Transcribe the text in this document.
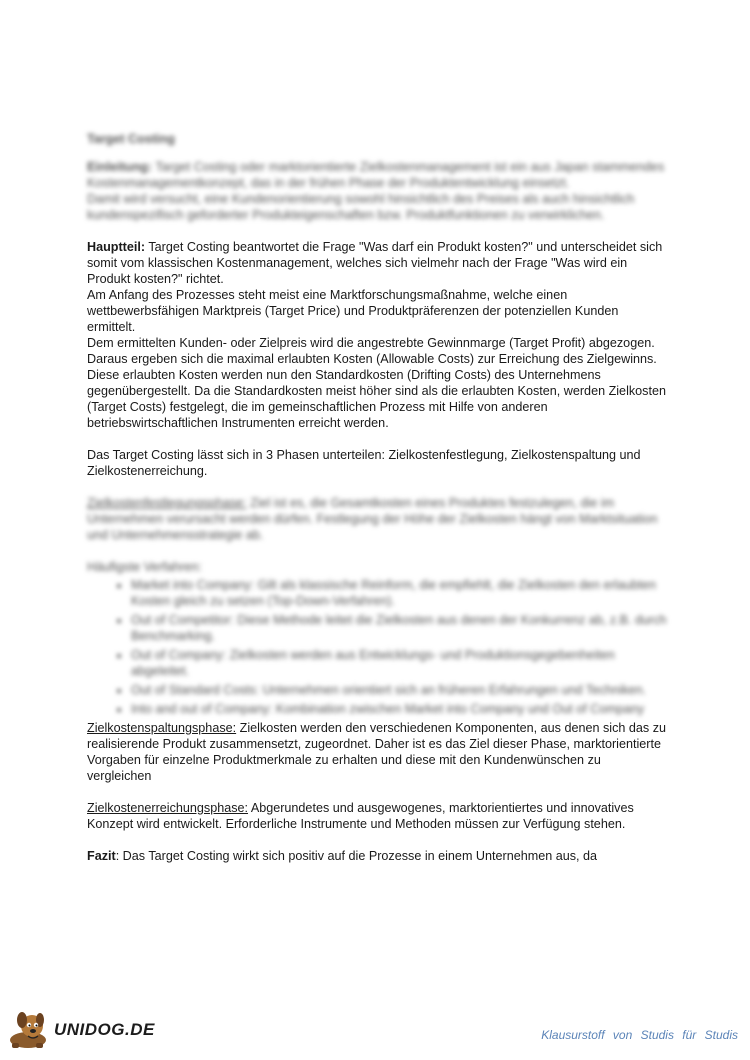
Target Costing

Einleitung: Target Costing oder marktorientierte Zielkostenmanagement ist ein aus Japan stammendes Kostenmanagementkonzept, das in der frühen Phase der Produktentwicklung einsetzt.

Damit wird versucht, eine Kundenorientierung sowohl hinsichtlich des Preises als auch hinsichtlich kundenspezifisch geforderter Produkteigenschaften bzw. Produktfunktionen zu verwirklichen.

Hauptteil: Target Costing beantwortet die Frage "Was darf ein Produkt kosten?" und unterscheidet sich somit vom klassischen Kostenmanagement, welches sich vielmehr nach der Frage "Was wird ein Produkt kosten?" richtet.

Am Anfang des Prozesses steht meist eine Marktforschungsmaßnahme, welche einen wettbewerbsfähigen Marktpreis (Target Price) und Produktpräferenzen der potenziellen Kunden ermittelt.

Dem ermittelten Kunden- oder Zielpreis wird die angestrebte Gewinnmarge (Target Profit) abgezogen. Daraus ergeben sich die maximal erlaubten Kosten (Allowable Costs) zur Erreichung des Zielgewinns.

Diese erlaubten Kosten werden nun den Standardkosten (Drifting Costs) des Unternehmens gegenübergestellt. Da die Standardkosten meist höher sind als die erlaubten Kosten, werden Zielkosten (Target Costs) festgelegt, die im gemeinschaftlichen Prozess mit Hilfe von anderen betriebswirtschaftlichen Instrumenten erreicht werden.

Das Target Costing lässt sich in 3 Phasen unterteilen: Zielkostenfestlegung, Zielkostenspaltung und Zielkostenerreichung.

Zielkostenfestlegungsphase: Ziel ist es, die Gesamtkosten eines Produktes festzulegen, die im Unternehmen verursacht werden dürfen. Festlegung der Höhe der Zielkosten hängt von Marktsituation und Unternehmensstrategie ab.

Häufigste Verfahren:

• Market into Company: Gilt als klassische Reinform, die empfiehlt, die Zielkosten den erlaubten Kosten gleich zu setzen (Top-Down-Verfahren).
• Out of Competitor: Diese Methode leitet die Zielkosten aus denen der Konkurrenz ab, z.B. durch Benchmarking.
• Out of Company: Zielkosten werden aus Entwicklungs- und Produktionsgegebenheiten abgeleitet.
• Out of Standard Costs: Unternehmen orientiert sich an früheren Erfahrungen und Techniken.
• Into and out of Company: Kombination zwischen Market into Company und Out of Company

Zielkostenspaltungsphase: Zielkosten werden den verschiedenen Komponenten, aus denen sich das zu realisierende Produkt zusammensetzt, zugeordnet. Daher ist es das Ziel dieser Phase, marktorientierte Vorgaben für einzelne Produktmerkmale zu erhalten und diese mit den Kundenwünschen zu vergleichen

Zielkostenerreichungsphase: Abgerundetes und ausgewogenes, marktorientiertes und innovatives Konzept wird entwickelt. Erforderliche Instrumente und Methoden müssen zur Verfügung stehen.

Fazit: Das Target Costing wirkt sich positiv auf die Prozesse in einem Unternehmen aus, da

UNIDOG.DE	Klausurstoff von Studis für Studis
